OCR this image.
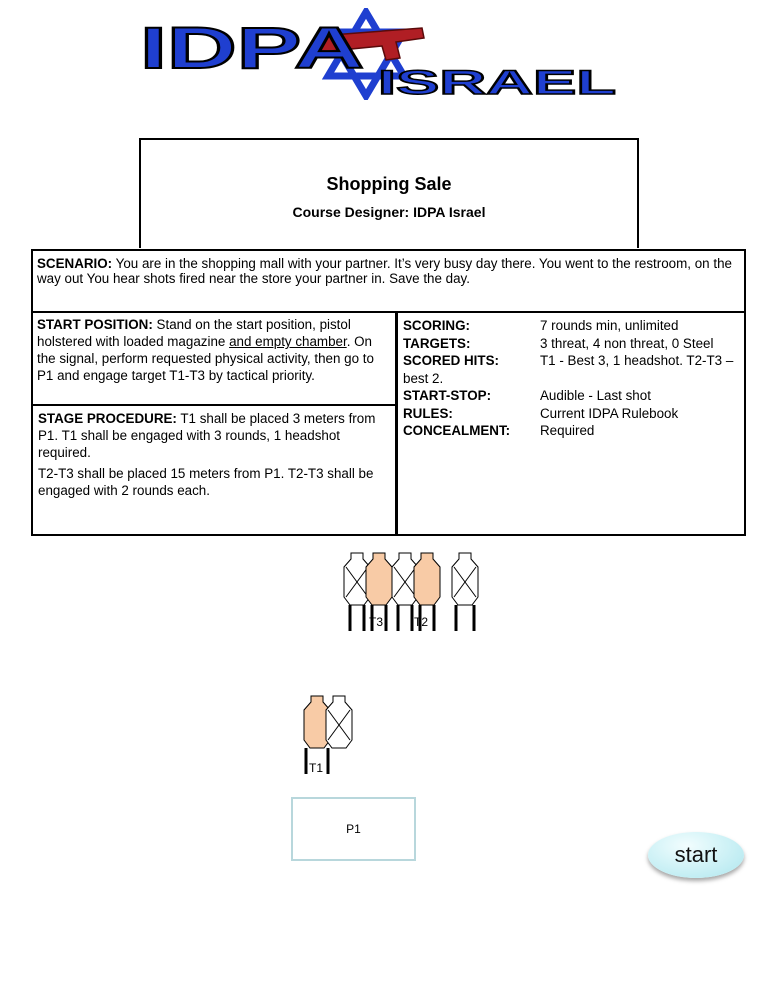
IDPA
ISRAEL
Shopping Sale
Course Designer: IDPA Israel
SCENARIO: You are in the shopping mall with your partner. It’s very busy day there. You went to the restroom, on the way out You hear shots fired near the store your partner in. Save the day.
START POSITION: Stand on the start position, pistol holstered with loaded magazine and empty chamber. On the signal, perform requested physical activity, then go to P1 and engage target T1-T3 by tactical priority.

STAGE PROCEDURE: T1 shall be placed 3 meters from P1. T1 shall be engaged with 3 rounds, 1 headshot required.

T2-T3 shall be placed 15 meters from P1. T2-T3 shall be engaged with 2 rounds each.

SCORING:	7 rounds min, unlimited
TARGETS:	3 threat, 4 non threat, 0 Steel
SCORED HITS:	T1 - Best 3, 1 headshot. T2-T3 – best 2.
START-STOP:	Audible - Last shot
RULES:	Current IDPA Rulebook
CONCEALMENT:	Required
T3	T2
T1
P1
start
